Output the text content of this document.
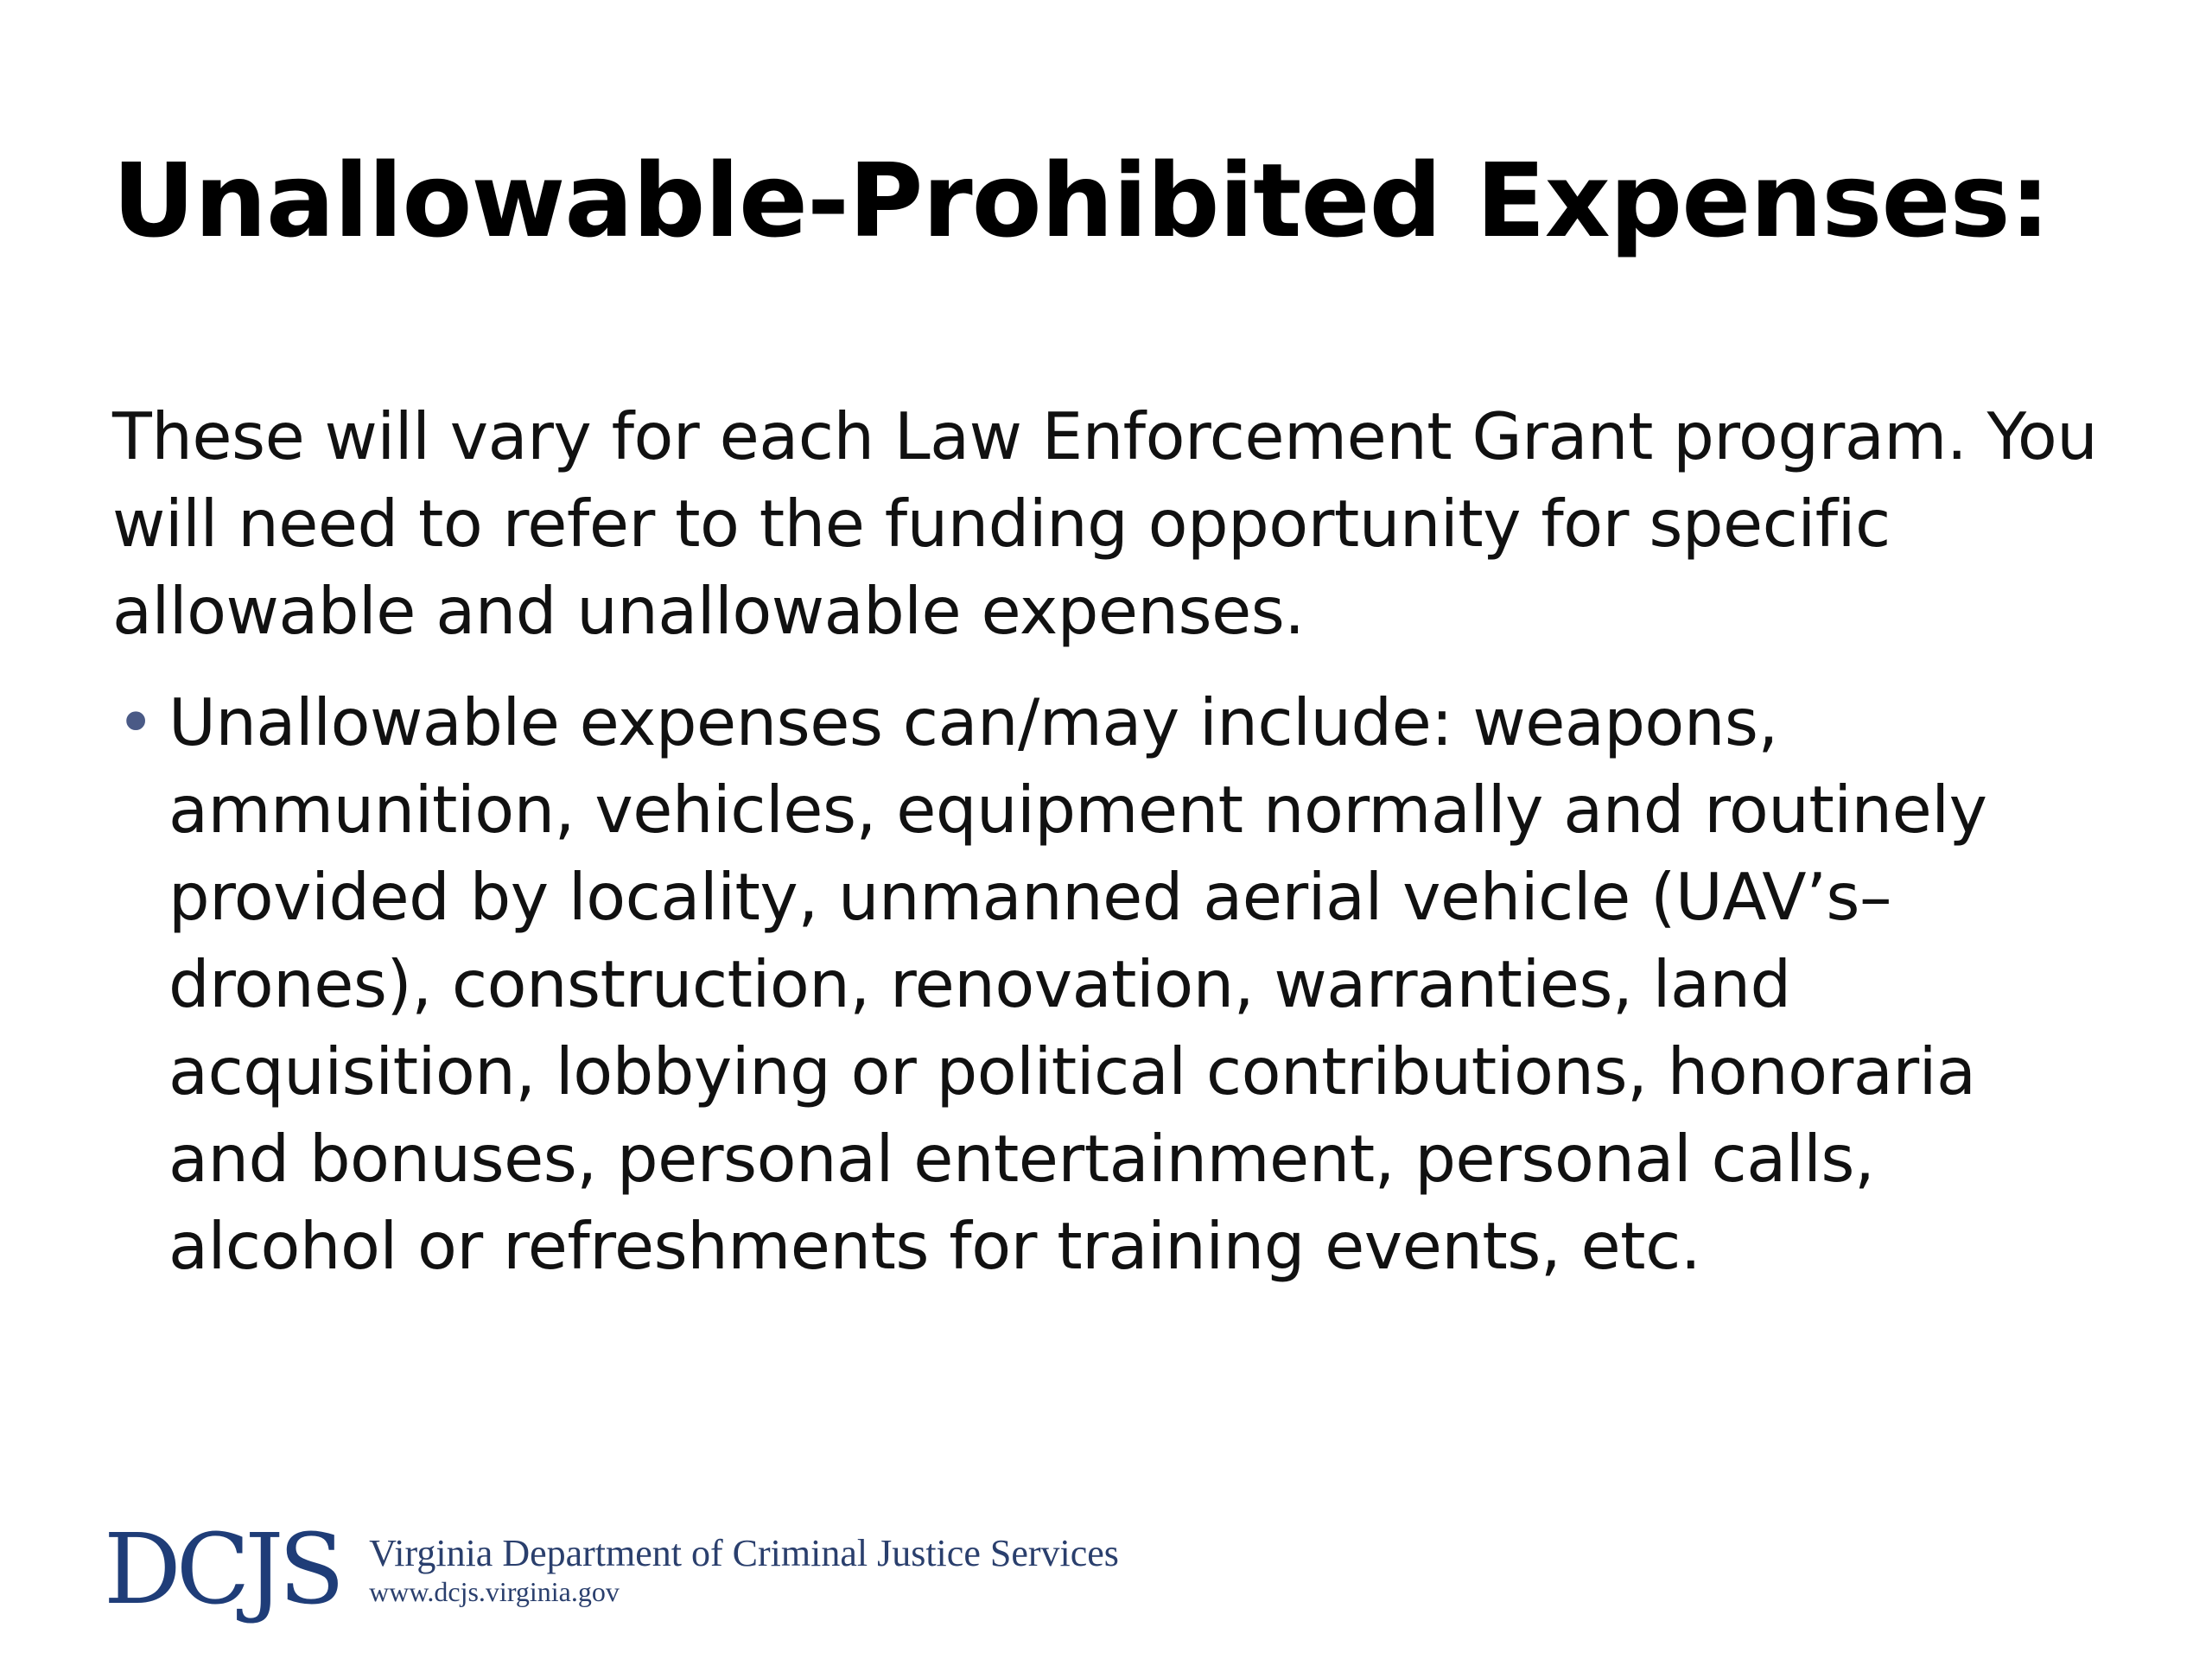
Unallowable-Prohibited Expenses:

These will vary for each Law Enforcement Grant program. You will need to refer to the funding opportunity for specific allowable and unallowable expenses.

• Unallowable expenses can/may include: weapons, ammunition, vehicles, equipment normally and routinely provided by locality, unmanned aerial vehicle (UAV’s–drones), construction, renovation, warranties, land acquisition, lobbying or political contributions, honoraria and bonuses, personal entertainment, personal calls, alcohol or refreshments for training events, etc.
DCJS Virginia Department of Criminal Justice Services
www.dcjs.virginia.gov
